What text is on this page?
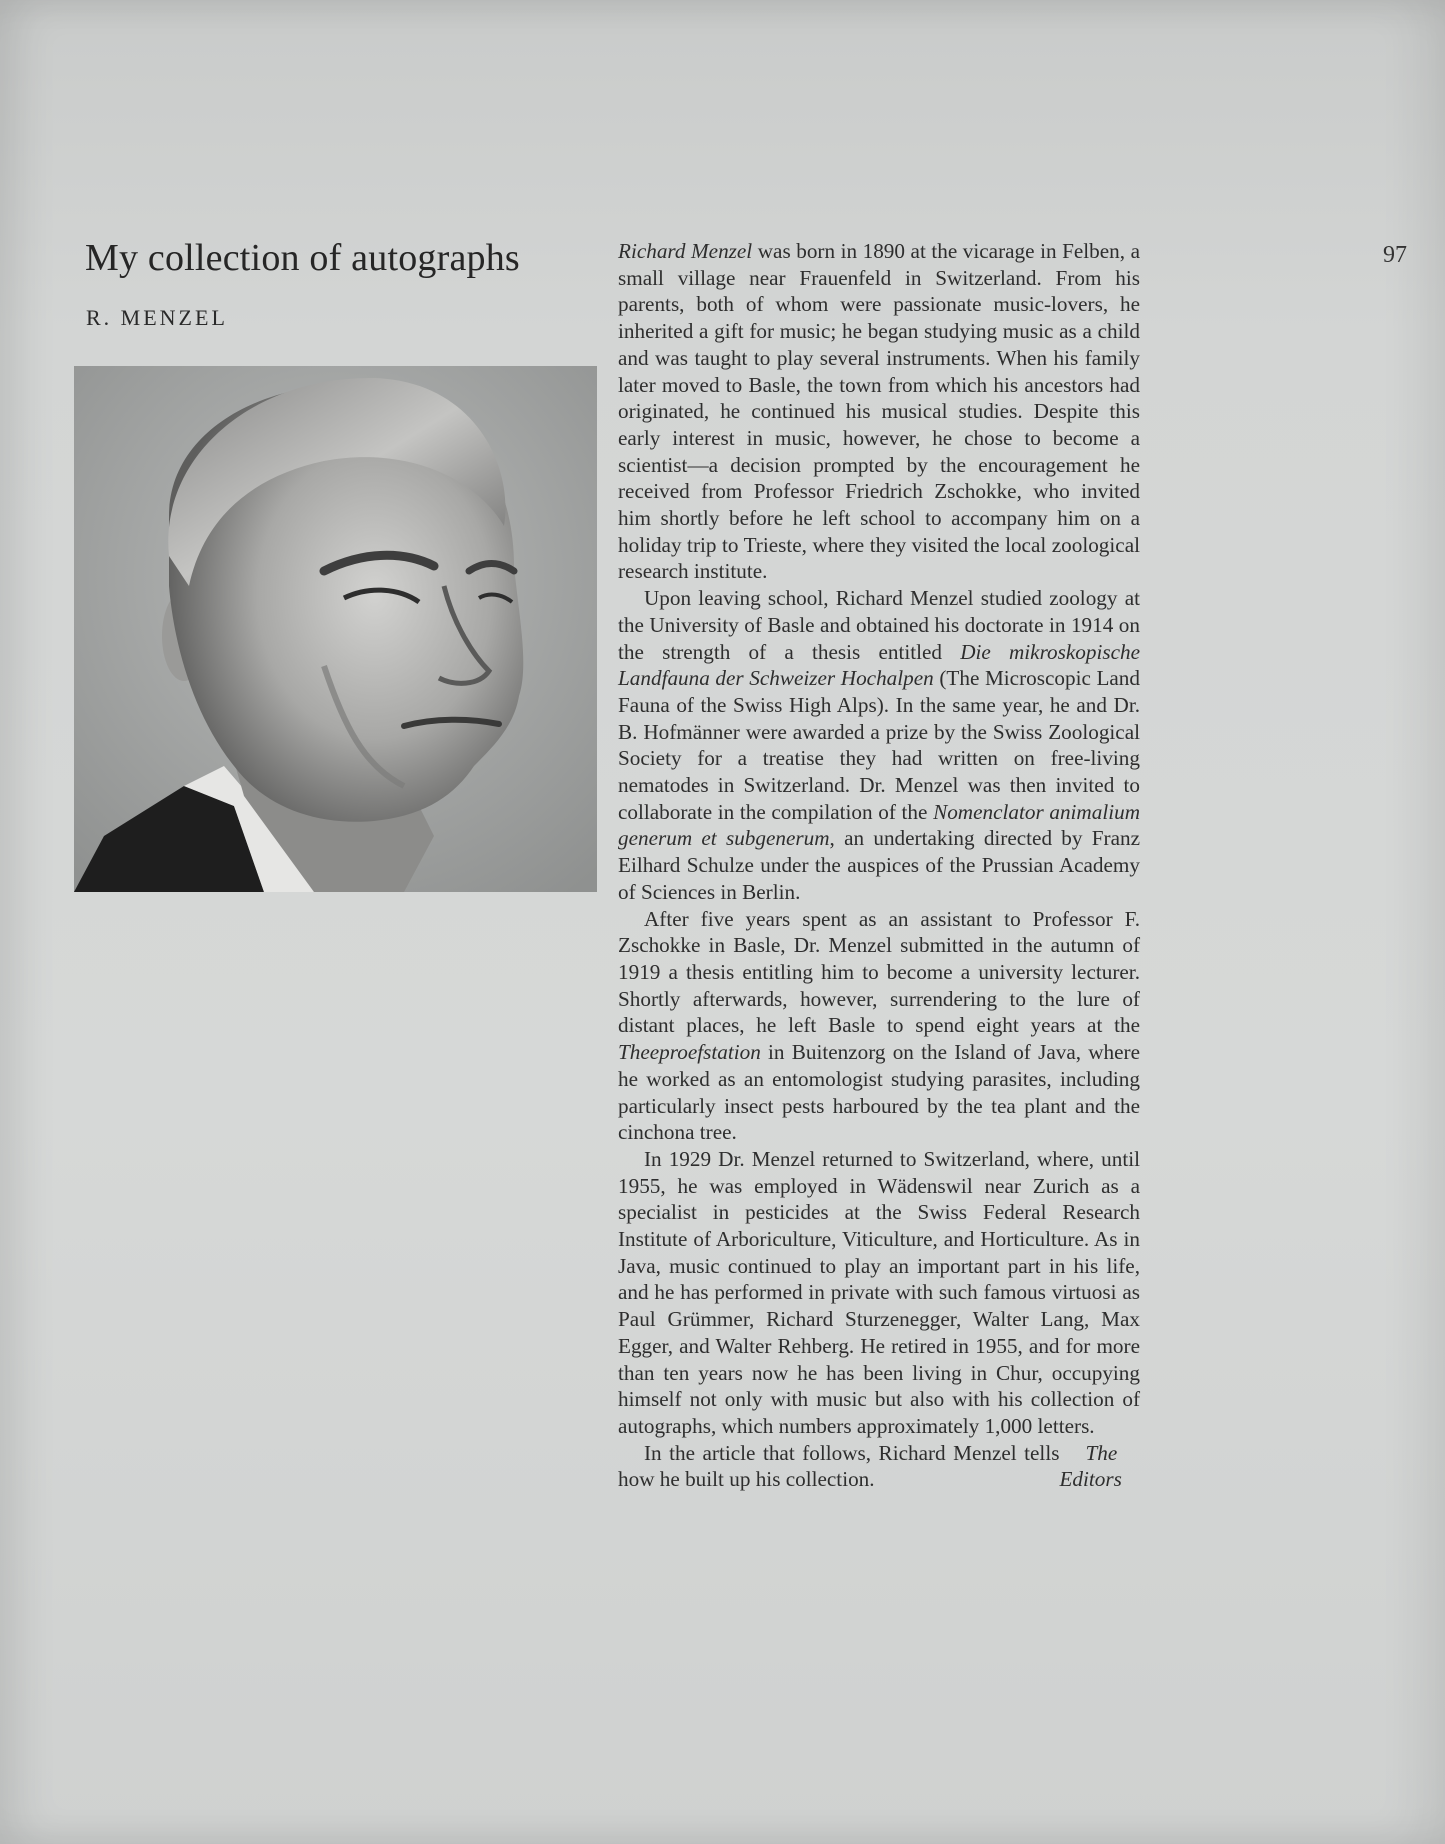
My collection of autographs
R. MENZEL
97

Richard Menzel was born in 1890 at the vicarage in Felben, a small village near Frauenfeld in Switzerland. From his parents, both of whom were passionate music-lovers, he inherited a gift for music; he began studying music as a child and was taught to play several instruments. When his family later moved to Basle, the town from which his ancestors had originated, he continued his musical studies. Despite this early interest in music, however, he chose to become a scientist—a decision prompted by the encouragement he received from Professor Friedrich Zschokke, who invited him shortly before he left school to accompany him on a holiday trip to Trieste, where they visited the local zoological research institute.

Upon leaving school, Richard Menzel studied zoology at the University of Basle and obtained his doctorate in 1914 on the strength of a thesis entitled Die mikroskopische Landfauna der Schweizer Hochalpen (The Microscopic Land Fauna of the Swiss High Alps). In the same year, he and Dr. B. Hofmänner were awarded a prize by the Swiss Zoological Society for a treatise they had written on free-living nematodes in Switzerland. Dr. Menzel was then invited to collaborate in the compilation of the Nomenclator animalium generum et subgenerum, an undertaking directed by Franz Eilhard Schulze under the auspices of the Prussian Academy of Sciences in Berlin.

After five years spent as an assistant to Professor F. Zschokke in Basle, Dr. Menzel submitted in the autumn of 1919 a thesis entitling him to become a university lecturer. Shortly afterwards, however, surrendering to the lure of distant places, he left Basle to spend eight years at the Theeproefstation in Buitenzorg on the Island of Java, where he worked as an entomologist studying parasites, including particularly insect pests harboured by the tea plant and the cinchona tree.

In 1929 Dr. Menzel returned to Switzerland, where, until 1955, he was employed in Wädenswil near Zurich as a specialist in pesticides at the Swiss Federal Research Institute of Arboriculture, Viticulture, and Horticulture. As in Java, music continued to play an important part in his life, and he has performed in private with such famous virtuosi as Paul Grümmer, Richard Sturzenegger, Walter Lang, Max Egger, and Walter Rehberg. He retired in 1955, and for more than ten years now he has been living in Chur, occupying himself not only with music but also with his collection of autographs, which numbers approximately 1,000 letters.

In the article that follows, Richard Menzel tells how he built up his collection.
The Editors
